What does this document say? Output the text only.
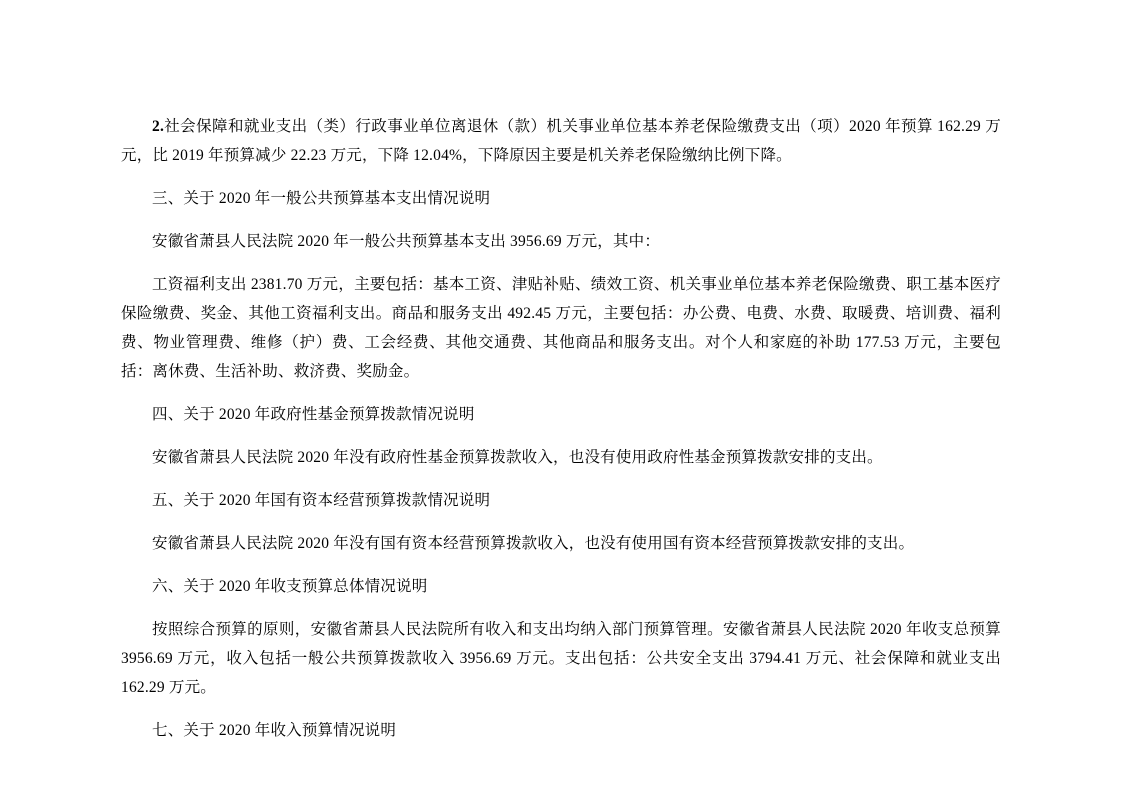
2.社会保障和就业支出（类）行政事业单位离退休（款）机关事业单位基本养老保险缴费支出（项）2020 年预算 162.29 万元，比 2019 年预算减少 22.23 万元，下降 12.04%，下降原因主要是机关养老保险缴纳比例下降。

三、关于 2020 年一般公共预算基本支出情况说明

安徽省萧县人民法院 2020 年一般公共预算基本支出 3956.69 万元，其中：

工资福利支出 2381.70 万元，主要包括：基本工资、津贴补贴、绩效工资、机关事业单位基本养老保险缴费、职工基本医疗保险缴费、奖金、其他工资福利支出。商品和服务支出 492.45 万元，主要包括：办公费、电费、水费、取暖费、培训费、福利费、物业管理费、维修（护）费、工会经费、其他交通费、其他商品和服务支出。对个人和家庭的补助 177.53 万元，主要包括：离休费、生活补助、救济费、奖励金。

四、关于 2020 年政府性基金预算拨款情况说明

安徽省萧县人民法院 2020 年没有政府性基金预算拨款收入，也没有使用政府性基金预算拨款安排的支出。

五、关于 2020 年国有资本经营预算拨款情况说明

安徽省萧县人民法院 2020 年没有国有资本经营预算拨款收入，也没有使用国有资本经营预算拨款安排的支出。

六、关于 2020 年收支预算总体情况说明

按照综合预算的原则，安徽省萧县人民法院所有收入和支出均纳入部门预算管理。安徽省萧县人民法院 2020 年收支总预算 3956.69 万元，收入包括一般公共预算拨款收入 3956.69 万元。支出包括：公共安全支出 3794.41 万元、社会保障和就业支出 162.29 万元。

七、关于 2020 年收入预算情况说明
